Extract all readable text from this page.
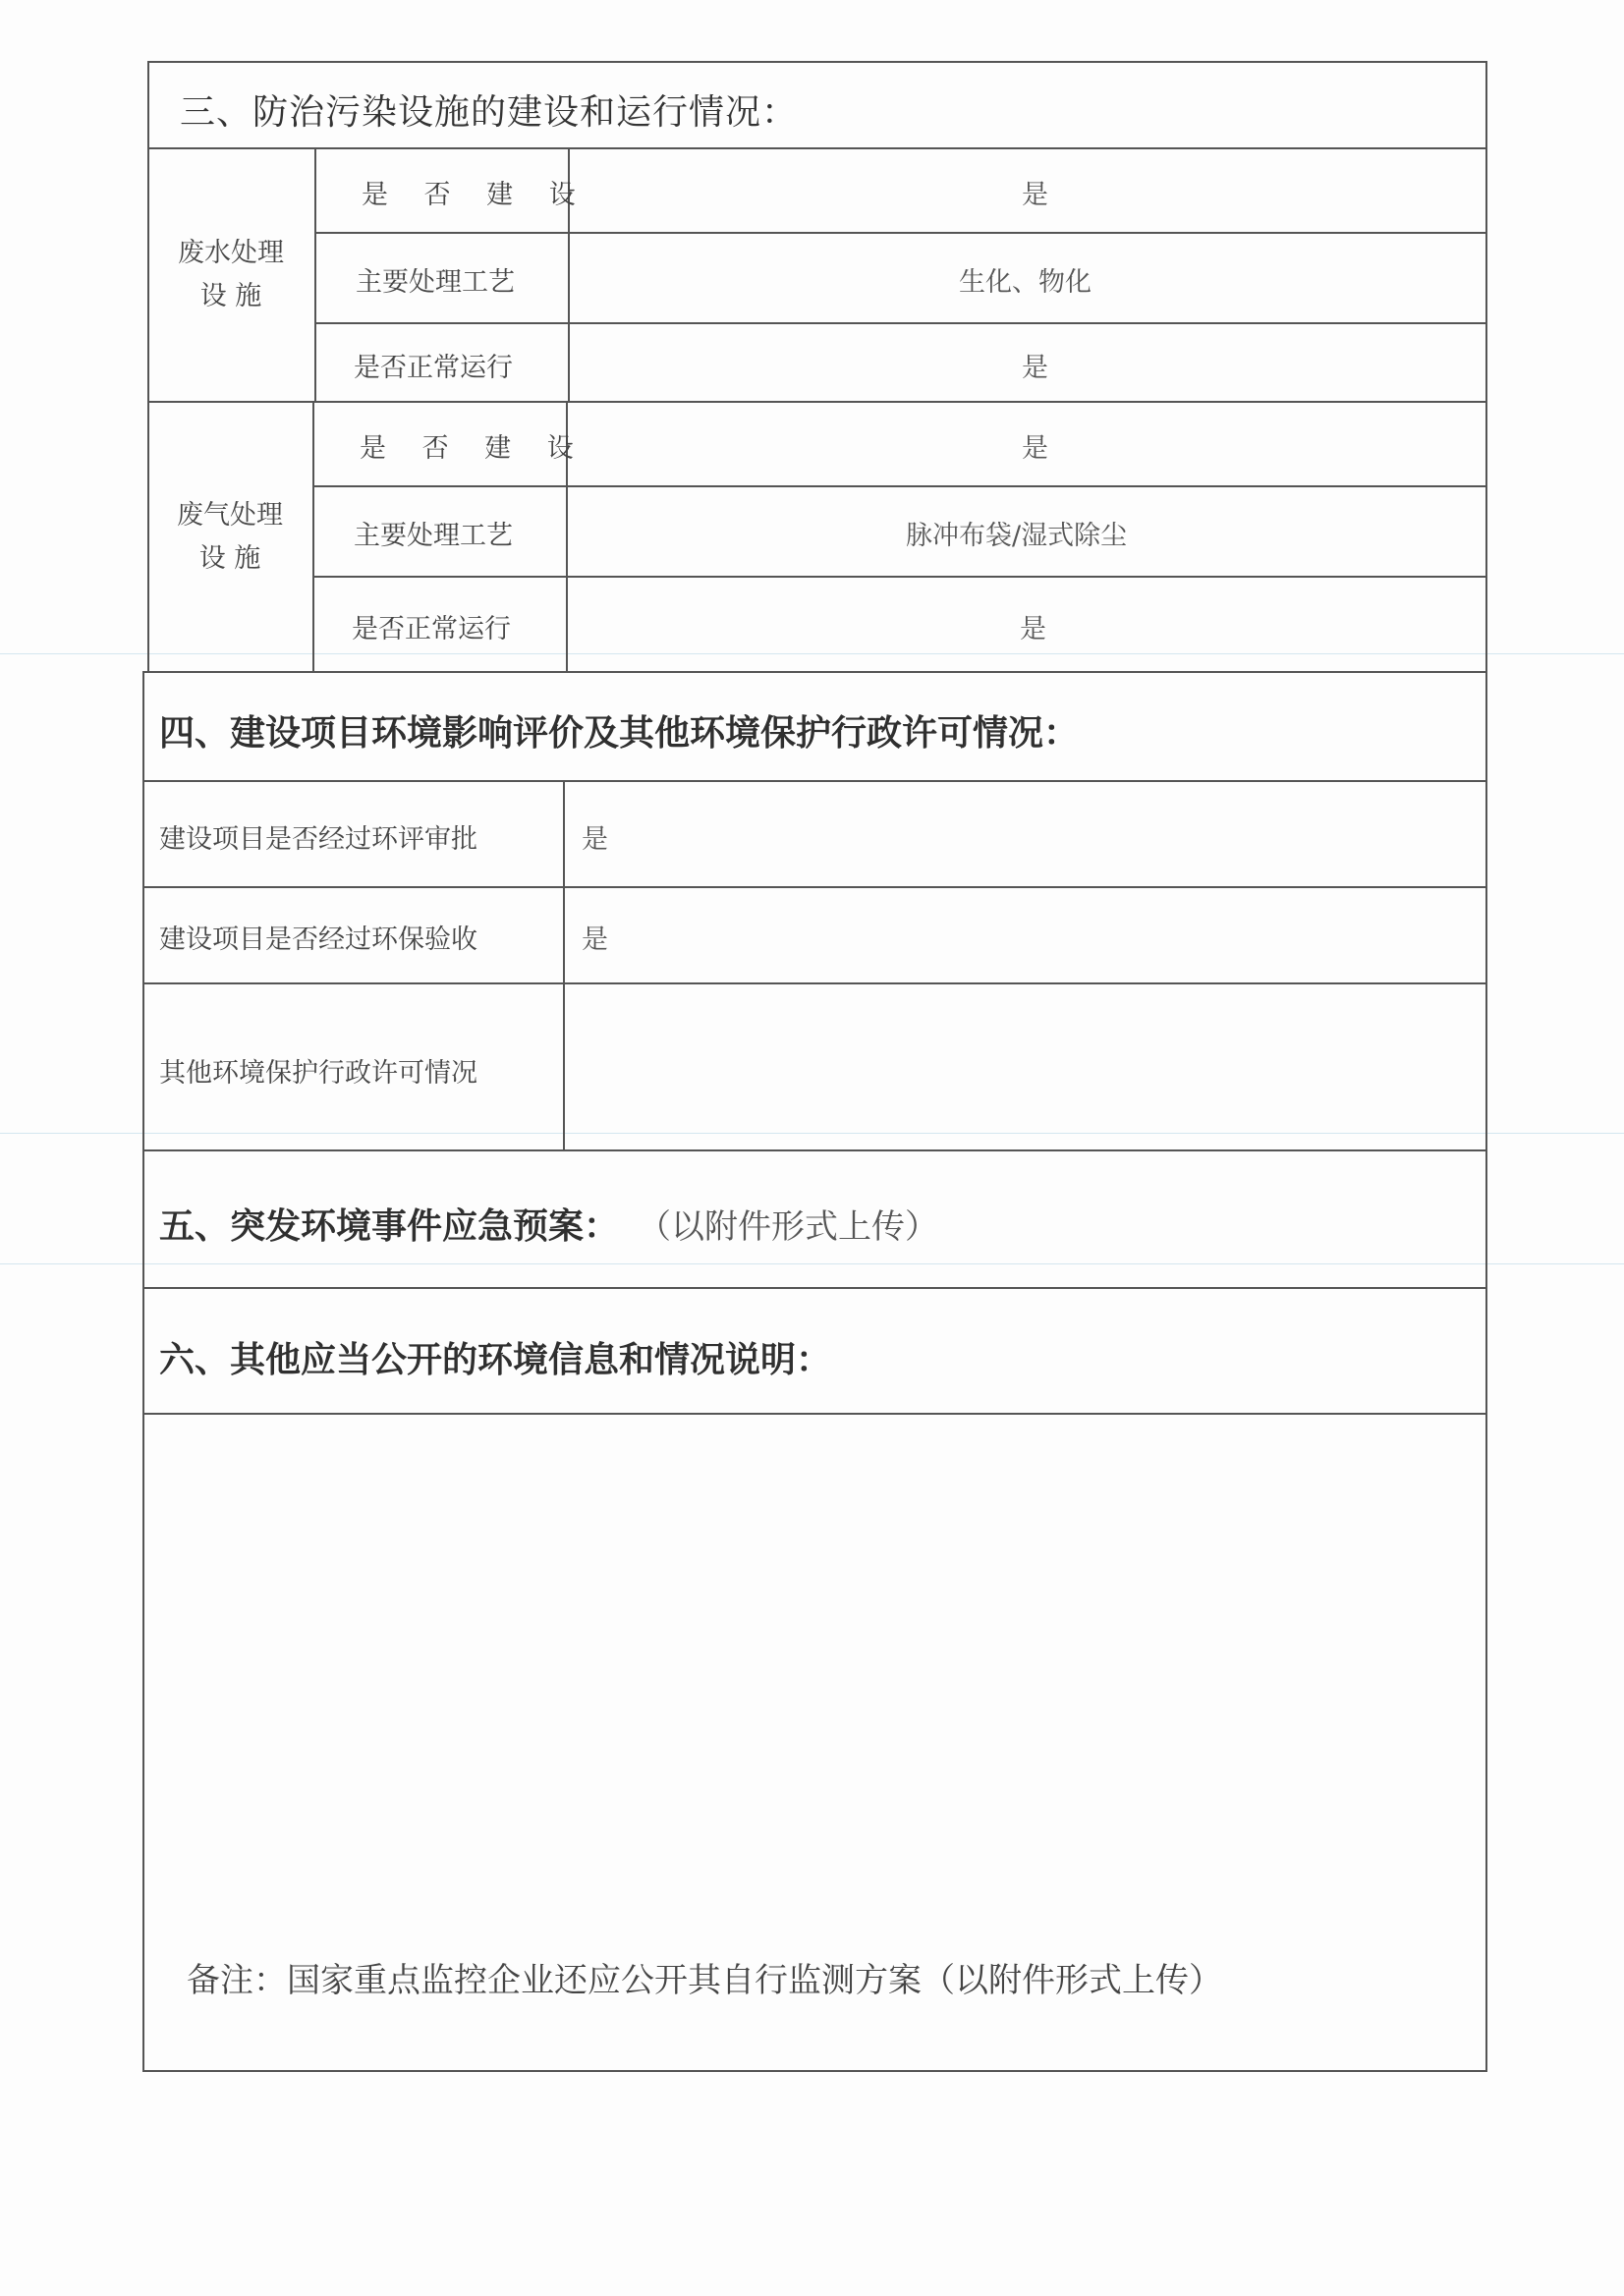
三、防治污染设施的建设和运行情况：
废水处理
设 施
是 否 建 设	是
主要处理工艺	生化、物化
是否正常运行	是
废气处理
设 施
是 否 建 设	是
主要处理工艺	脉冲布袋/湿式除尘
是否正常运行	是
四、建设项目环境影响评价及其他环境保护行政许可情况：
建设项目是否经过环评审批	是
建设项目是否经过环保验收	是
其他环境保护行政许可情况
五、突发环境事件应急预案： （以附件形式上传）
六、其他应当公开的环境信息和情况说明：
备注：国家重点监控企业还应公开其自行监测方案（以附件形式上传）
